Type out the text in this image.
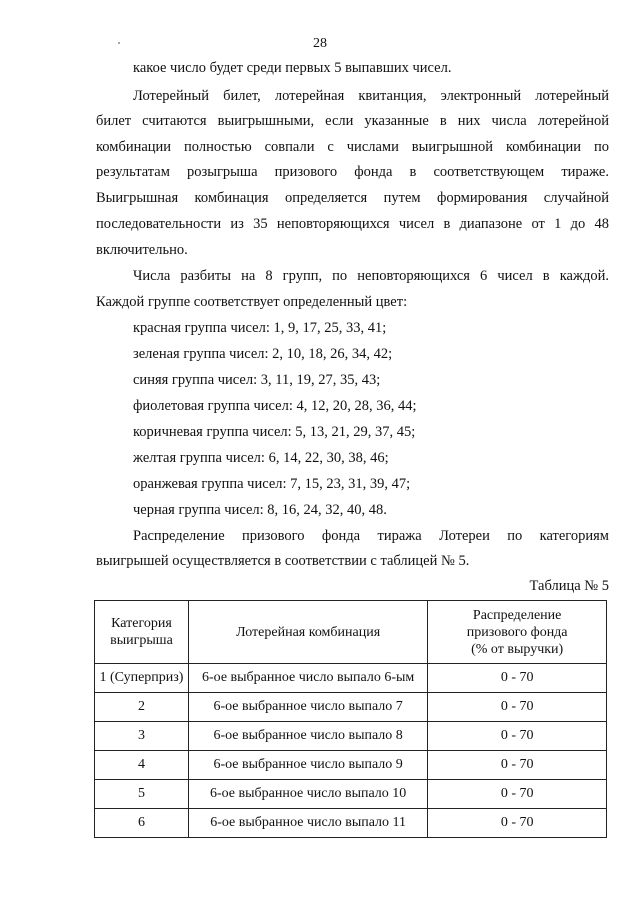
28
какое число будет среди первых 5 выпавших чисел.
Лотерейный билет, лотерейная квитанция, электронный лотерейный
билет считаются выигрышными, если указанные в них числа лотерейной
комбинации полностью совпали с числами выигрышной комбинации по
результатам розыгрыша призового фонда в соответствующем тираже.
Выигрышная комбинация определяется путем формирования случайной
последовательности из 35 неповторяющихся чисел в диапазоне от 1 до 48
включительно.
Числа разбиты на 8 групп, по неповторяющихся 6 чисел в каждой.
Каждой группе соответствует определенный цвет:
красная группа чисел: 1, 9, 17, 25, 33, 41;
зеленая группа чисел: 2, 10, 18, 26, 34, 42;
синяя группа чисел: 3, 11, 19, 27, 35, 43;
фиолетовая группа чисел: 4, 12, 20, 28, 36, 44;
коричневая группа чисел: 5, 13, 21, 29, 37, 45;
желтая группа чисел: 6, 14, 22, 30, 38, 46;
оранжевая группа чисел: 7, 15, 23, 31, 39, 47;
черная группа чисел: 8, 16, 24, 32, 40, 48.
Распределение призового фонда тиража Лотереи по категориям
выигрышей осуществляется в соответствии с таблицей № 5.
Таблица № 5
Категория
выигрыша	Лотерейная комбинация	Распределение
призового фонда
(% от выручки)
1 (Суперприз)	6-ое выбранное число выпало 6-ым	0 - 70
2	6-ое выбранное число выпало 7	0 - 70
3	6-ое выбранное число выпало 8	0 - 70
4	6-ое выбранное число выпало 9	0 - 70
5	6-ое выбранное число выпало 10	0 - 70
6	6-ое выбранное число выпало 11	0 - 70
